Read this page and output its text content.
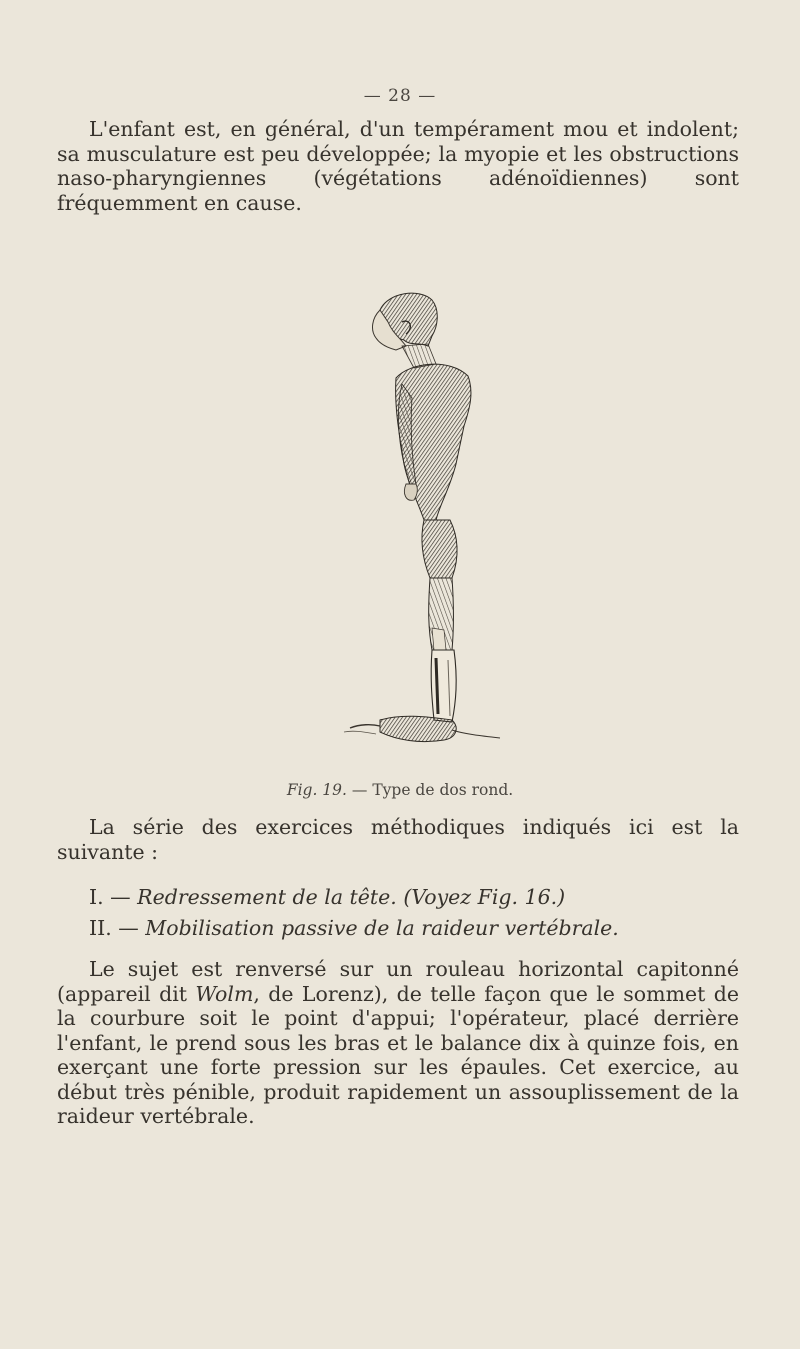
— 28 —

L'enfant est, en général, d'un tempérament mou et indolent; sa musculature est peu développée; la myopie et les obstructions naso-pharyngiennes (végétations adénoïdiennes) sont fréquemment en cause.

Fig. 19. — Type de dos rond.

La série des exercices méthodiques indiqués ici est la suivante :

I. — Redressement de la tête. (Voyez Fig. 16.)
II. — Mobilisation passive de la raideur vertébrale.

Le sujet est renversé sur un rouleau horizontal capitonné (appareil dit Wolm, de Lorenz), de telle façon que le sommet de la courbure soit le point d'appui; l'opérateur, placé derrière l'enfant, le prend sous les bras et le balance dix à quinze fois, en exerçant une forte pression sur les épaules. Cet exercice, au début très pénible, produit rapidement un assouplissement de la raideur vertébrale.
